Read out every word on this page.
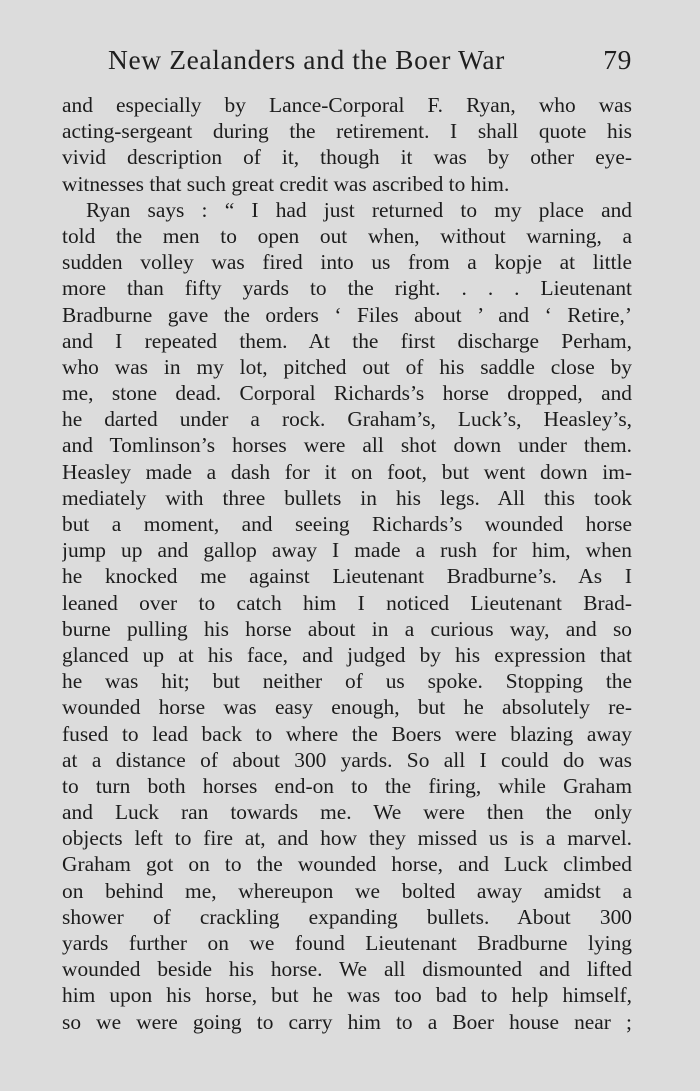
New Zealanders and the Boer War	79
and especially by Lance-Corporal F. Ryan, who was
acting-sergeant during the retirement. I shall quote his
vivid description of it, though it was by other eye-
witnesses that such great credit was ascribed to him.
Ryan says : “ I had just returned to my place and
told the men to open out when, without warning, a
sudden volley was fired into us from a kopje at little
more than fifty yards to the right. . . . Lieutenant
Bradburne gave the orders ‘ Files about ’ and ‘ Retire,’
and I repeated them. At the first discharge Perham,
who was in my lot, pitched out of his saddle close by
me, stone dead. Corporal Richards’s horse dropped, and
he darted under a rock. Graham’s, Luck’s, Heasley’s,
and Tomlinson’s horses were all shot down under them.
Heasley made a dash for it on foot, but went down im-
mediately with three bullets in his legs. All this took
but a moment, and seeing Richards’s wounded horse
jump up and gallop away I made a rush for him, when
he knocked me against Lieutenant Bradburne’s. As I
leaned over to catch him I noticed Lieutenant Brad-
burne pulling his horse about in a curious way, and so
glanced up at his face, and judged by his expression that
he was hit; but neither of us spoke. Stopping the
wounded horse was easy enough, but he absolutely re-
fused to lead back to where the Boers were blazing away
at a distance of about 300 yards. So all I could do was
to turn both horses end-on to the firing, while Graham
and Luck ran towards me. We were then the only
objects left to fire at, and how they missed us is a marvel.
Graham got on to the wounded horse, and Luck climbed
on behind me, whereupon we bolted away amidst a
shower of crackling expanding bullets. About 300
yards further on we found Lieutenant Bradburne lying
wounded beside his horse. We all dismounted and lifted
him upon his horse, but he was too bad to help himself,
so we were going to carry him to a Boer house near ;
